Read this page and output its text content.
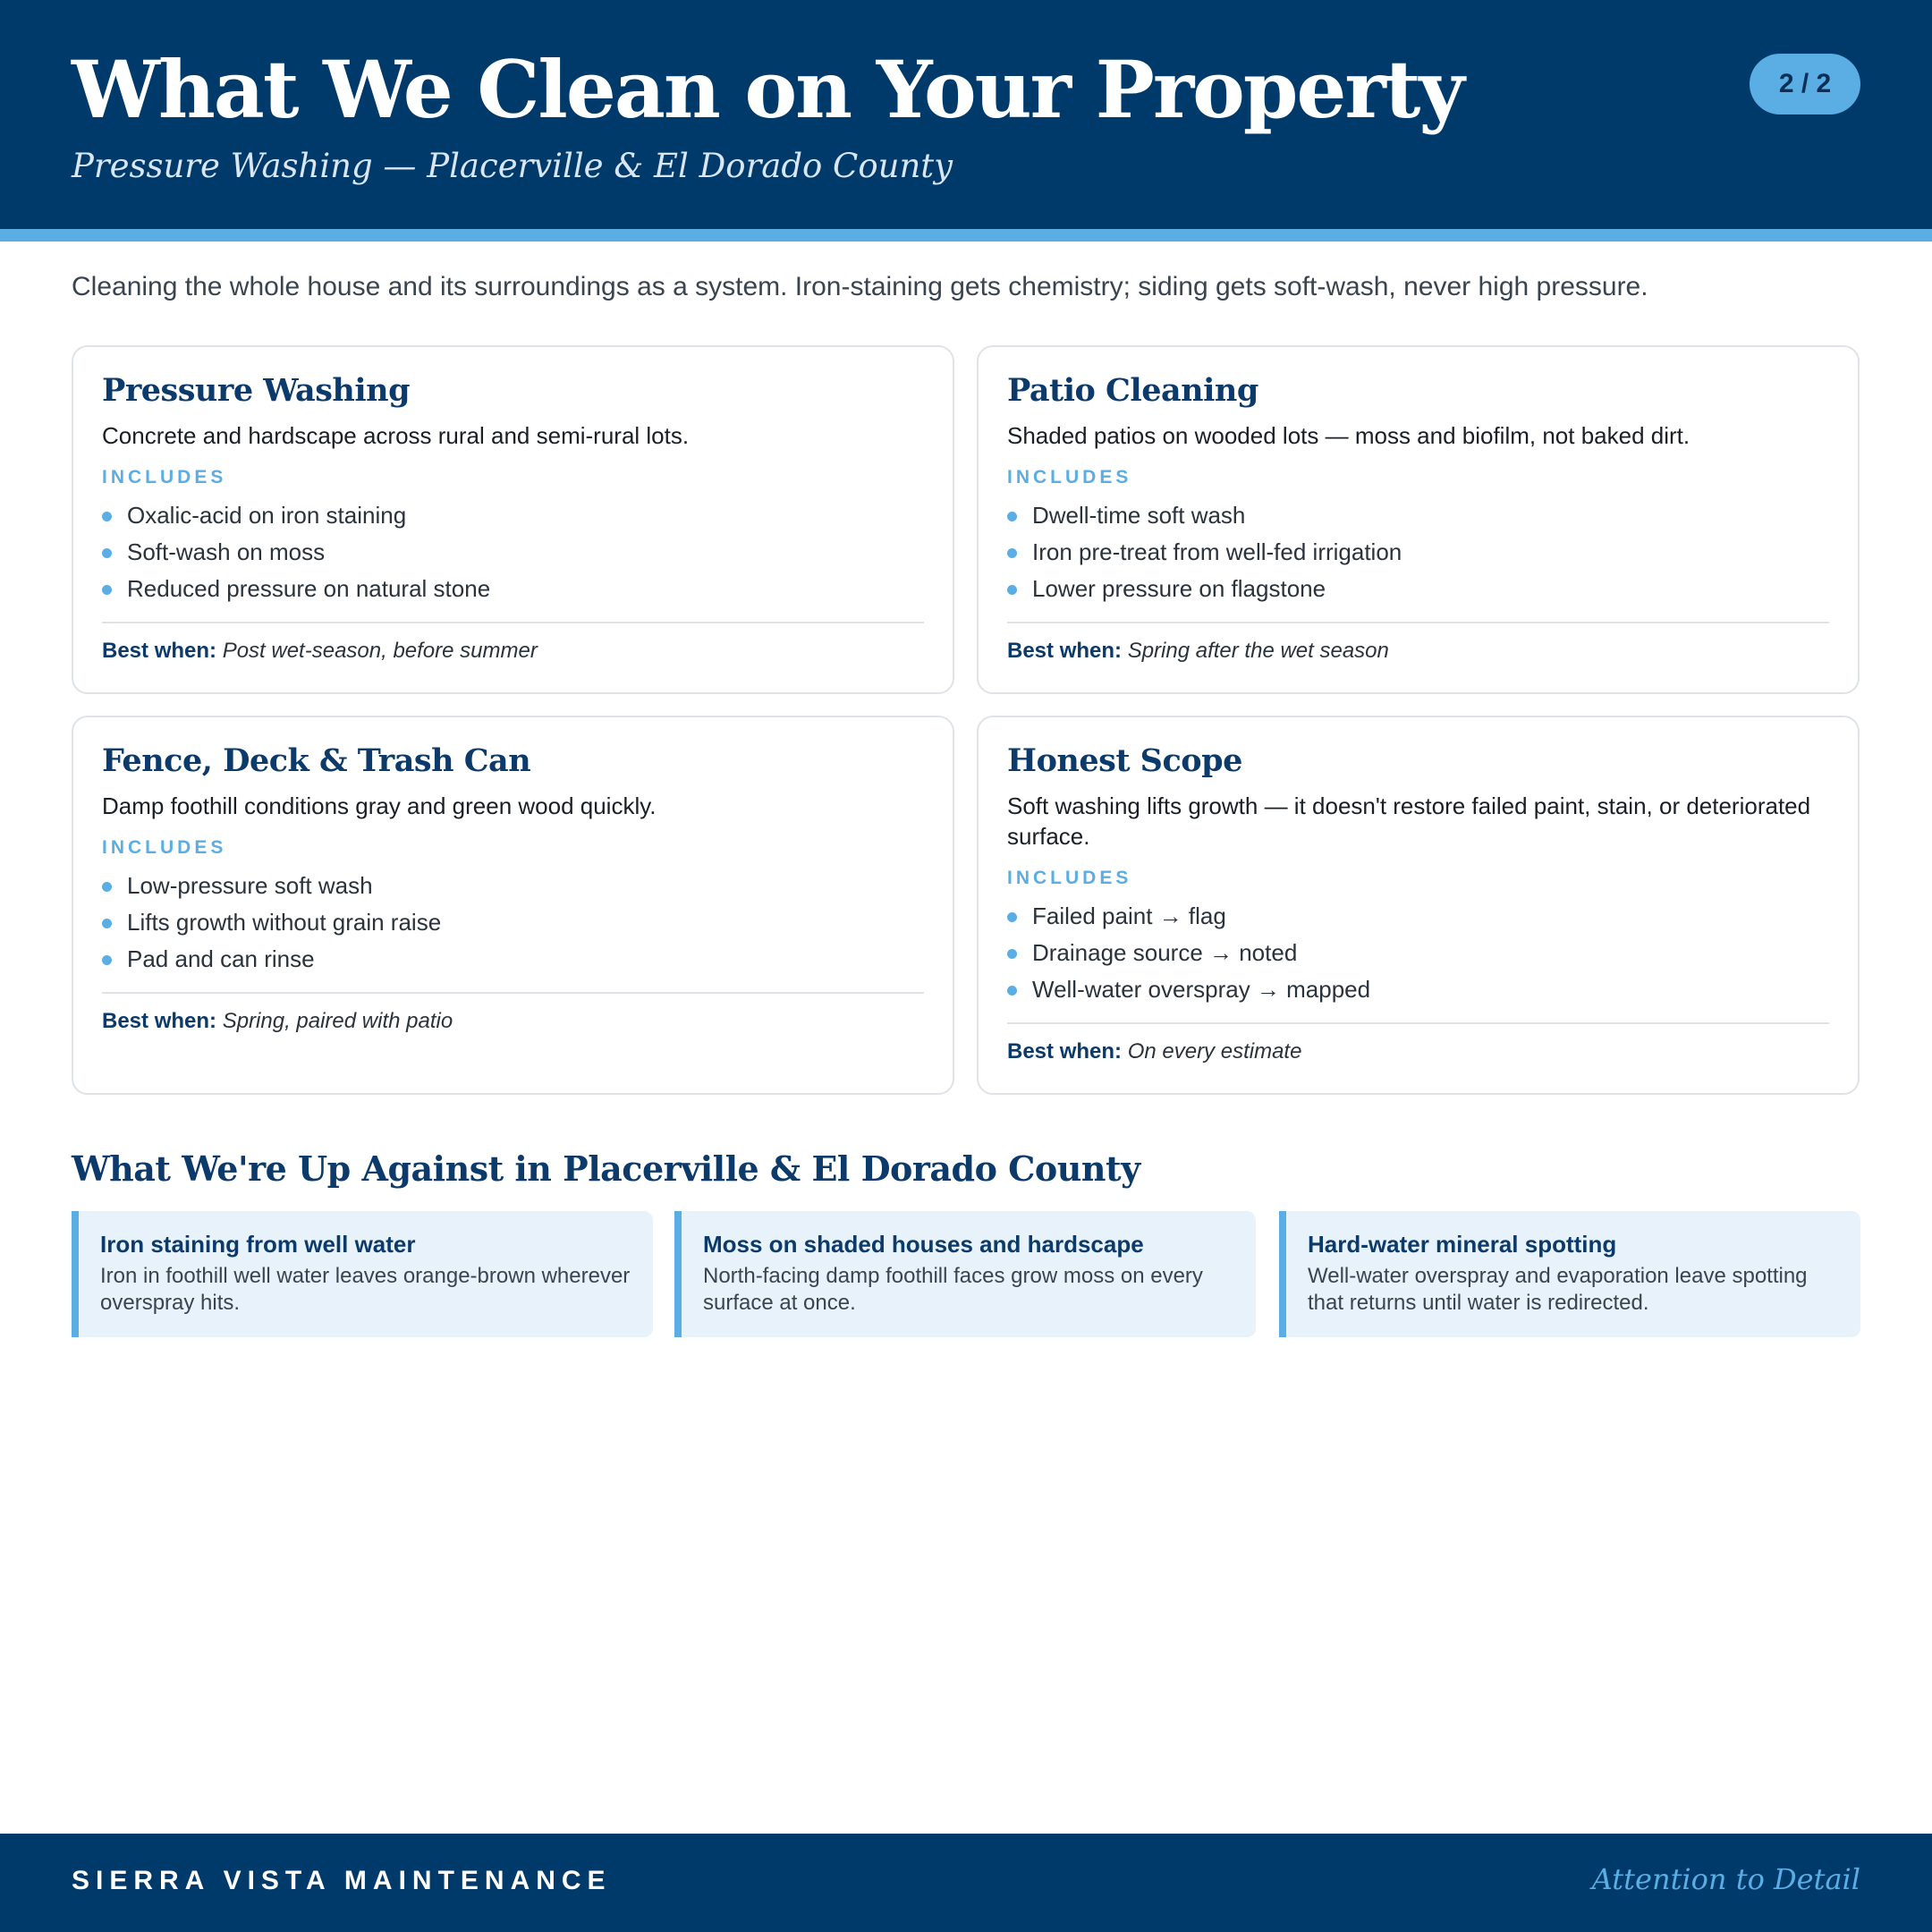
What We Clean on Your Property
Pressure Washing — Placerville & El Dorado County
2 / 2

Cleaning the whole house and its surroundings as a system. Iron-staining gets chemistry; siding gets soft-wash, never high pressure.

Pressure Washing

Concrete and hardscape across rural and semi-rural lots.

INCLUDES
Oxalic-acid on iron staining
Soft-wash on moss
Reduced pressure on natural stone

Best when: Post wet-season, before summer

Patio Cleaning

Shaded patios on wooded lots — moss and biofilm, not baked dirt.

INCLUDES
Dwell-time soft wash
Iron pre-treat from well-fed irrigation
Lower pressure on flagstone

Best when: Spring after the wet season

Fence, Deck & Trash Can

Damp foothill conditions gray and green wood quickly.

INCLUDES
Low-pressure soft wash
Lifts growth without grain raise
Pad and can rinse

Best when: Spring, paired with patio

Honest Scope

Soft washing lifts growth — it doesn't restore failed paint, stain, or deteriorated surface.

INCLUDES
Failed paint → flag
Drainage source → noted
Well-water overspray → mapped

Best when: On every estimate

What We're Up Against in Placerville & El Dorado County
Iron staining from well water
Iron in foothill well water leaves orange-brown wherever overspray hits.
Moss on shaded houses and hardscape
North-facing damp foothill faces grow moss on every surface at once.
Hard-water mineral spotting
Well-water overspray and evaporation leave spotting that returns until water is redirected.
SIERRA VISTA MAINTENANCE	Attention to Detail
